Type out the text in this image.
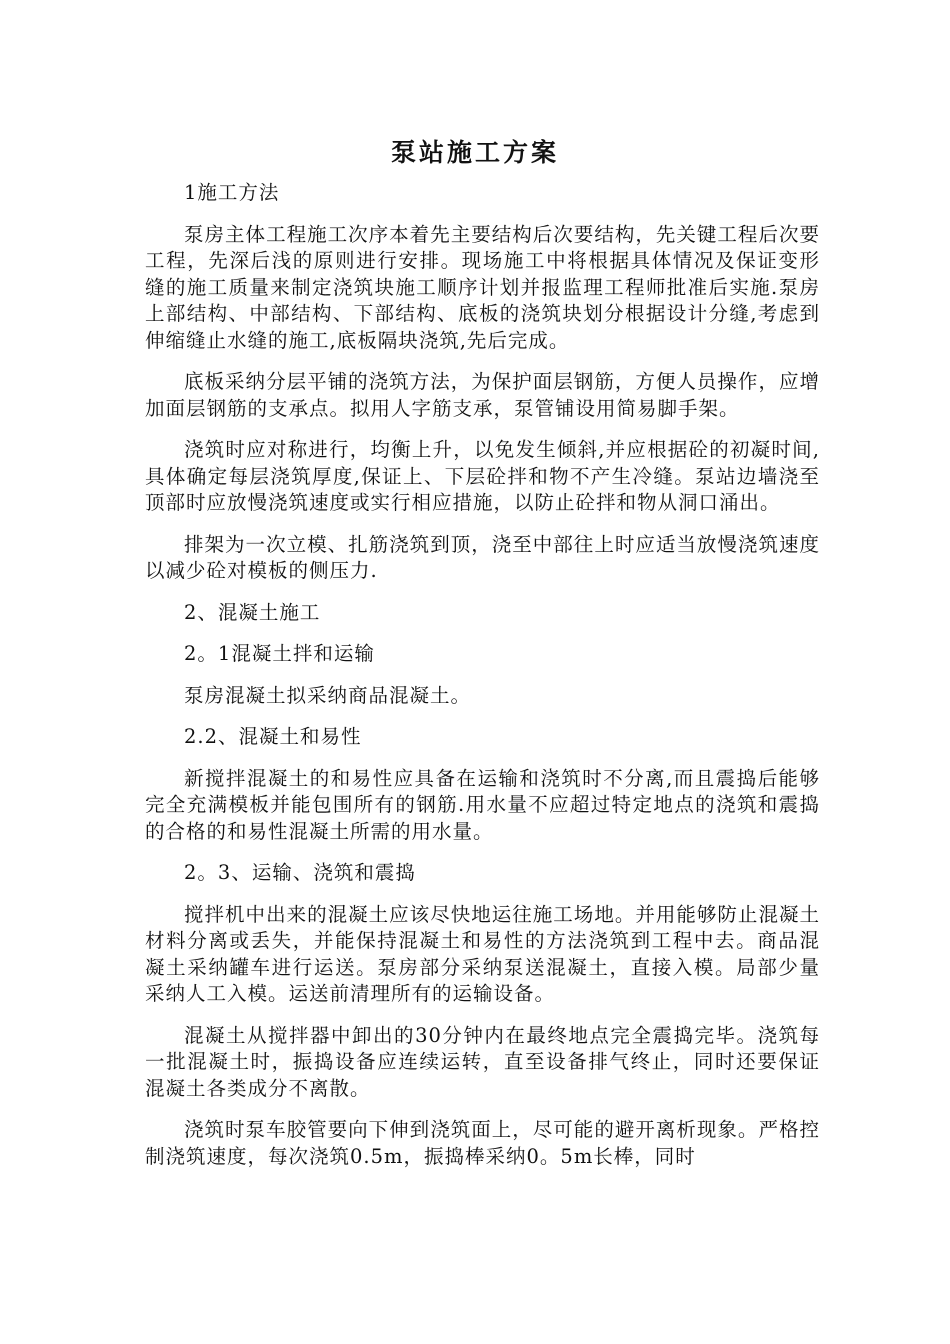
泵站施工方案

1施工方法

泵房主体工程施工次序本着先主要结构后次要结构，先关键工程后次要工程，先深后浅的原则进行安排。现场施工中将根据具体情况及保证变形缝的施工质量来制定浇筑块施工顺序计划并报监理工程师批准后实施.泵房上部结构、中部结构、下部结构、底板的浇筑块划分根据设计分缝,考虑到伸缩缝止水缝的施工,底板隔块浇筑,先后完成。

底板采纳分层平铺的浇筑方法，为保护面层钢筋，方便人员操作，应增加面层钢筋的支承点。拟用人字筋支承，泵管铺设用简易脚手架。

浇筑时应对称进行，均衡上升，以免发生倾斜,并应根据砼的初凝时间,具体确定每层浇筑厚度,保证上、下层砼拌和物不产生冷缝。泵站边墙浇至顶部时应放慢浇筑速度或实行相应措施，以防止砼拌和物从洞口涌出。

排架为一次立模、扎筋浇筑到顶，浇至中部往上时应适当放慢浇筑速度以减少砼对模板的侧压力.

2、混凝土施工

2。1混凝土拌和运输

泵房混凝土拟采纳商品混凝土。

2.2、混凝土和易性

新搅拌混凝土的和易性应具备在运输和浇筑时不分离,而且震捣后能够完全充满模板并能包围所有的钢筋.用水量不应超过特定地点的浇筑和震捣的合格的和易性混凝土所需的用水量。

2。3、运输、浇筑和震捣

搅拌机中出来的混凝土应该尽快地运往施工场地。并用能够防止混凝土材料分离或丢失，并能保持混凝土和易性的方法浇筑到工程中去。商品混凝土采纳罐车进行运送。泵房部分采纳泵送混凝土，直接入模。局部少量采纳人工入模。运送前清理所有的运输设备。

混凝土从搅拌器中卸出的30分钟内在最终地点完全震捣完毕。浇筑每一批混凝土时，振捣设备应连续运转，直至设备排气终止，同时还要保证混凝土各类成分不离散。

浇筑时泵车胶管要向下伸到浇筑面上，尽可能的避开离析现象。严格控制浇筑速度，每次浇筑0.5m，振捣棒采纳0。5m长棒，同时
